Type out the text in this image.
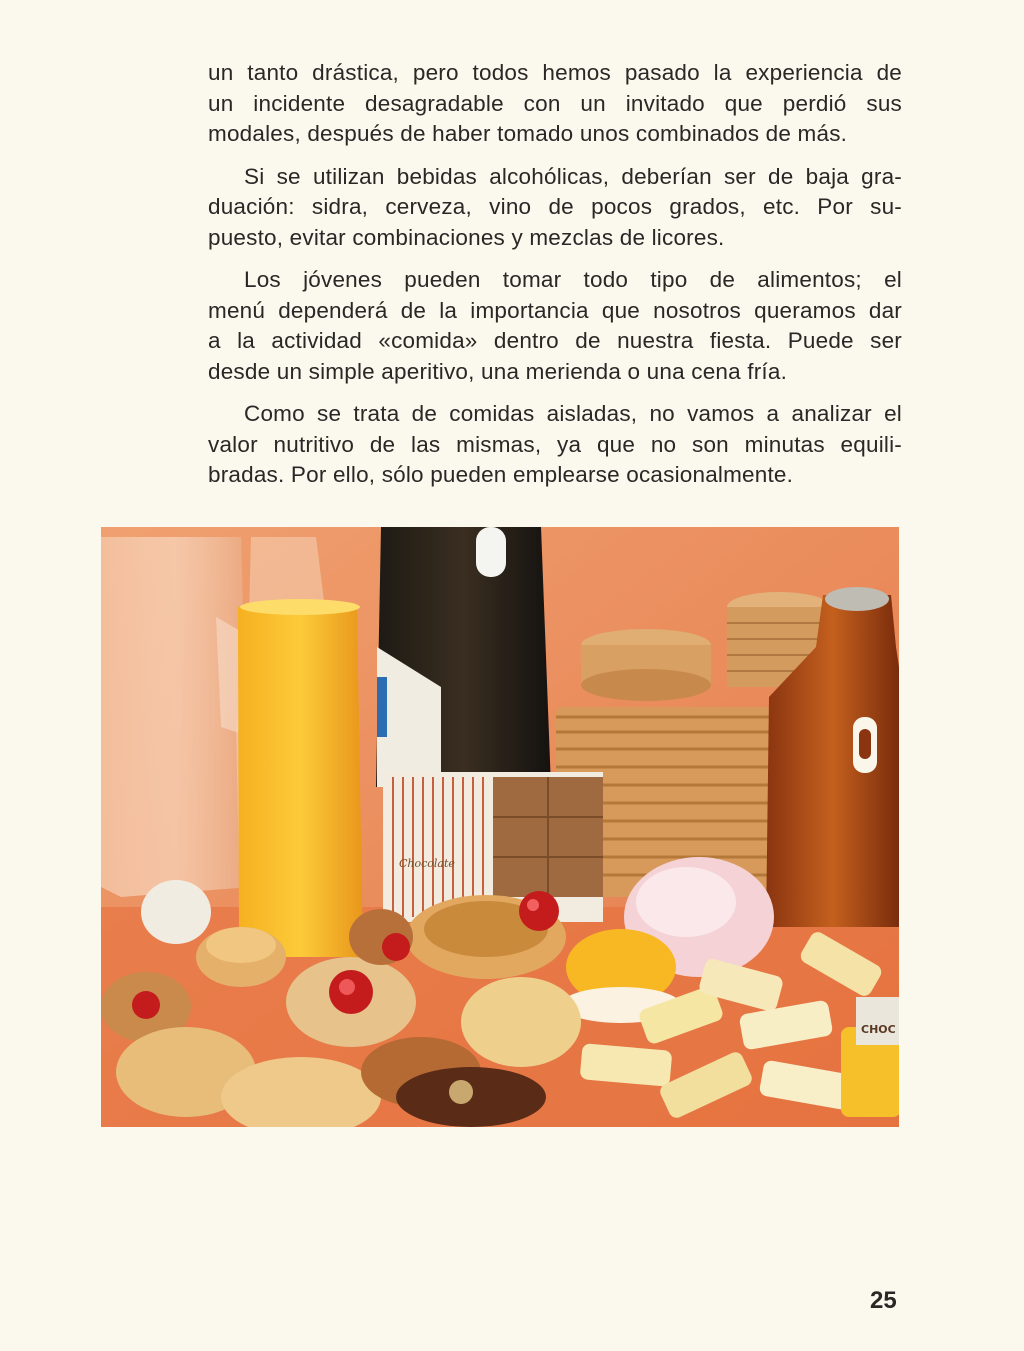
un tanto drástica, pero todos hemos pasado la experiencia de
un incidente desagradable con un invitado que perdió sus
modales, después de haber tomado unos combinados de más.

Si se utilizan bebidas alcohólicas, deberían ser de baja gra-
duación: sidra, cerveza, vino de pocos grados, etc. Por su-
puesto, evitar combinaciones y mezclas de licores.

Los jóvenes pueden tomar todo tipo de alimentos; el
menú dependerá de la importancia que nosotros queramos dar
a la actividad «comida» dentro de nuestra fiesta. Puede ser
desde un simple aperitivo, una merienda o una cena fría.

Como se trata de comidas aisladas, no vamos a analizar el
valor nutritivo de las mismas, ya que no son minutas equili-
bradas. Por ello, sólo pueden emplearse ocasionalmente.

Chocolate
CHOC
25
